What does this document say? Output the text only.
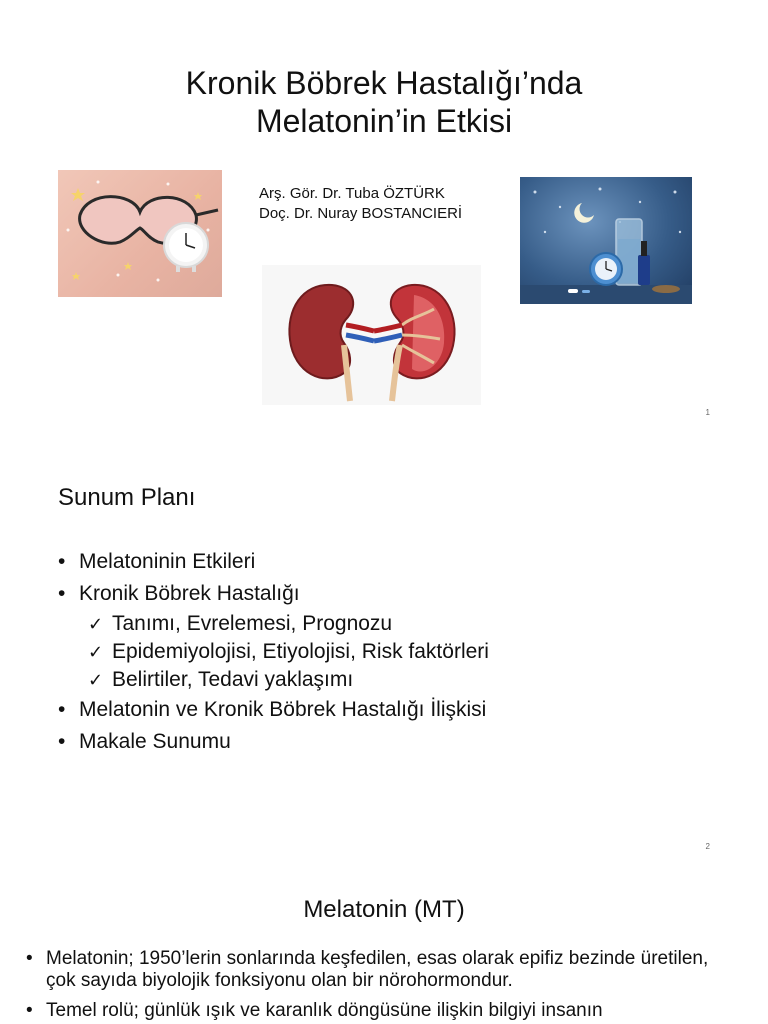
Kronik Böbrek Hastalığı’nda
Melatonin’in Etkisi
Arş. Gör. Dr. Tuba ÖZTÜRK
Doç. Dr. Nuray BOSTANCIERİ
1
Sunum Planı
• Melatoninin Etkileri
• Kronik Böbrek Hastalığı
✓ Tanımı, Evrelemesi, Prognozu
✓ Epidemiyolojisi, Etiyolojisi, Risk faktörleri
✓ Belirtiler, Tedavi yaklaşımı
• Melatonin ve Kronik Böbrek Hastalığı İlişkisi
• Makale Sunumu
2
Melatonin (MT)
• Melatonin; 1950’lerin sonlarında keşfedilen, esas olarak epifiz bezinde üretilen, çok sayıda biyolojik fonksiyonu olan bir nörohormondur.
• Temel rolü; günlük ışık ve karanlık döngüsüne ilişkin bilgiyi insanın
